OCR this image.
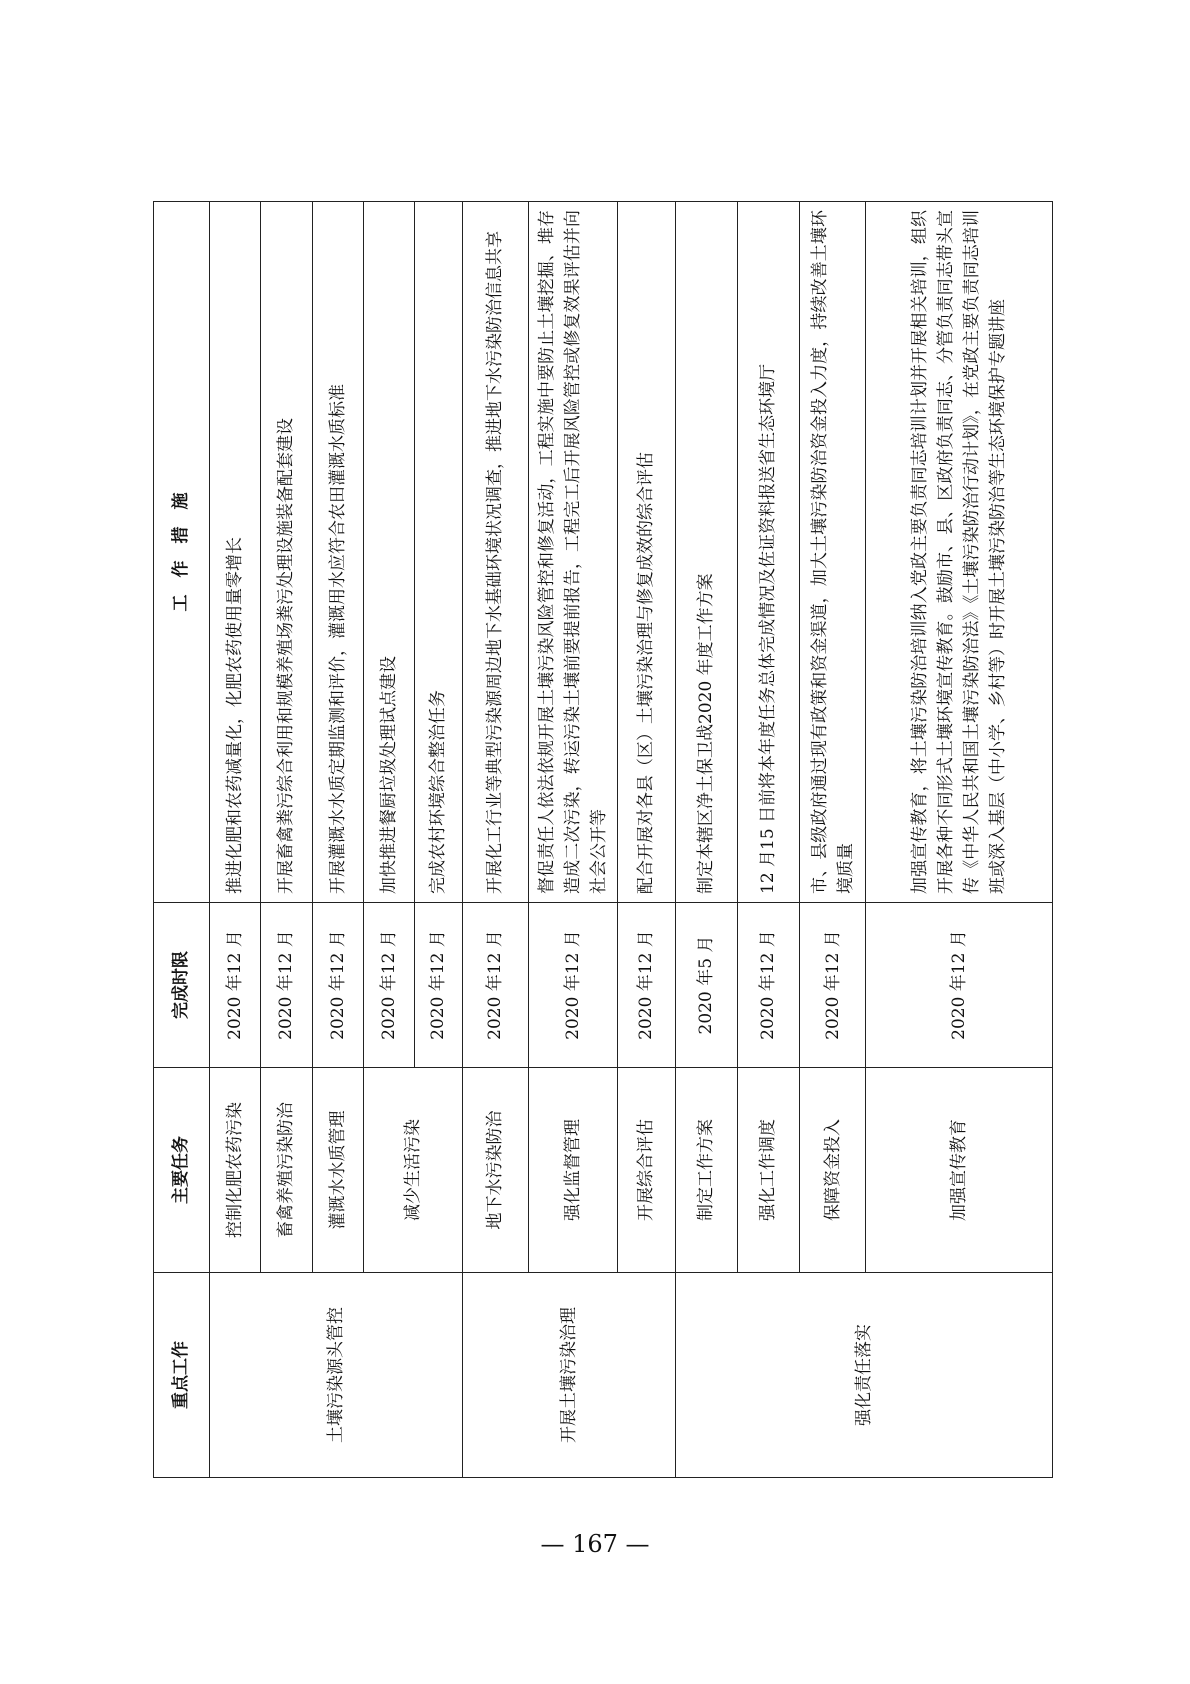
重点工作	主要任务	完成时限	工　作　措　施
土壤污染源头管控	控制化肥农药污染	2020 年12 月	推进化肥和农药减量化，化肥农药使用量零增长
	畜禽养殖污染防治	2020 年12 月	开展畜禽粪污综合利用和规模养殖场粪污处理设施装备配套建设
	灌溉水水质管理	2020 年12 月	开展灌溉水水质定期监测和评价，灌溉用水应符合农田灌溉水质标准
	减少生活污染	2020 年12 月	加快推进餐厨垃圾处理试点建设
		2020 年12 月	完成农村环境综合整治任务
开展土壤污染治理	地下水污染防治	2020 年12 月	开展化工行业等典型污染源周边地下水基础环境状况调查，推进地下水污染防治信息共享
	强化监督管理	2020 年12 月	督促责任人依法依规开展土壤污染风险管控和修复活动，工程实施中要防止土壤挖掘、堆存造成二次污染，转运污染土壤前要提前报告，工程完工后开展风险管控或修复效果评估并向社会公开等
	开展综合评估	2020 年12 月	配合开展对各县（区）土壤污染治理与修复成效的综合评估
强化责任落实	制定工作方案	2020 年5 月	制定本辖区净土保卫战2020 年度工作方案
	强化工作调度	2020 年12 月	12 月15 日前将本年度任务总体完成情况及佐证资料报送省生态环境厅
	保障资金投入	2020 年12 月	市、县级政府通过现有政策和资金渠道，加大土壤污染防治资金投入力度，持续改善土壤环境质量
	加强宣传教育	2020 年12 月	加强宣传教育，将土壤污染防治培训纳入党政主要负责同志培训计划并开展相关培训，组织开展各种不同形式土壤环境宣传教育。鼓励市、县、区政府负责同志、分管负责同志带头宣传《中华人民共和国土壤污染防治法》《土壤污染防治行动计划》，在党政主要负责同志培训班或深入基层（中小学、乡村等）时开展土壤污染防治等生态环境保护专题讲座
— 167 —
